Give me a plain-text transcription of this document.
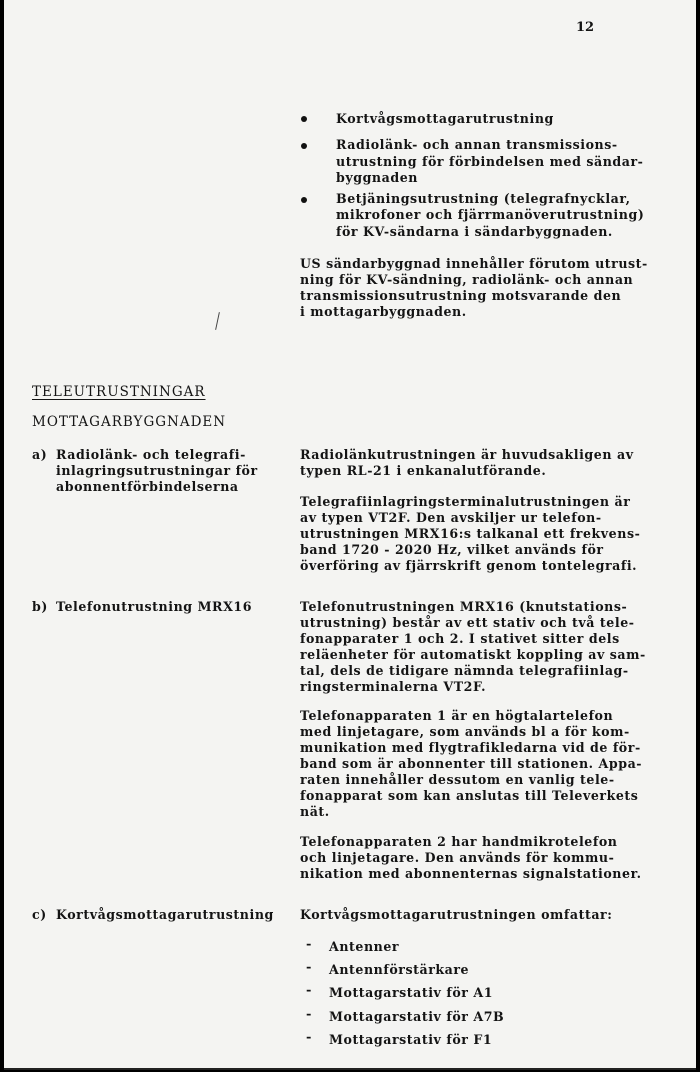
12
Kortvågsmottagarutrustning
Radiolänk- och annan transmissions-
utrustning för förbindelsen med sändar-
byggnaden
Betjäningsutrustning (telegrafnycklar,
mikrofoner och fjärrmanöverutrustning)
för KV-sändarna i sändarbyggnaden.
US sändarbyggnad innehåller förutom utrust-
ning för KV-sändning, radiolänk- och annan
transmissionsutrustning motsvarande den
i mottagarbyggnaden.
TELEUTRUSTNINGAR
MOTTAGARBYGGNADEN
a) Radiolänk- och telegrafi-
inlagringsutrustningar för
abonnentförbindelserna
Radiolänkutrustningen är huvudsakligen av
typen RL-21 i enkanalutförande.
Telegrafiinlagringsterminalutrustningen är
av typen VT2F. Den avskiljer ur telefon-
utrustningen MRX16:s talkanal ett frekvens-
band 1720 - 2020 Hz, vilket används för
överföring av fjärrskrift genom tontelegrafi.
b) Telefonutrustning MRX16	Telefonutrustningen MRX16 (knutstations-
utrustning) består av ett stativ och två tele-
fonapparater 1 och 2. I stativet sitter dels
reläenheter för automatiskt koppling av sam-
tal, dels de tidigare nämnda telegrafiinlag-
ringsterminalerna VT2F.
Telefonapparaten 1 är en högtalartelefon
med linjetagare, som används bl a för kom-
munikation med flygtrafikledarna vid de för-
band som är abonnenter till stationen. Appa-
raten innehåller dessutom en vanlig tele-
fonapparat som kan anslutas till Televerkets
nät.
Telefonapparaten 2 har handmikrotelefon
och linjetagare. Den används för kommu-
nikation med abonnenternas signalstationer.
c) Kortvågsmottagarutrustning Kortvågsmottagarutrustningen omfattar:
- Antenner
- Antennförstärkare
- Mottagarstativ för A1
- Mottagarstativ för A7B
- Mottagarstativ för F1
